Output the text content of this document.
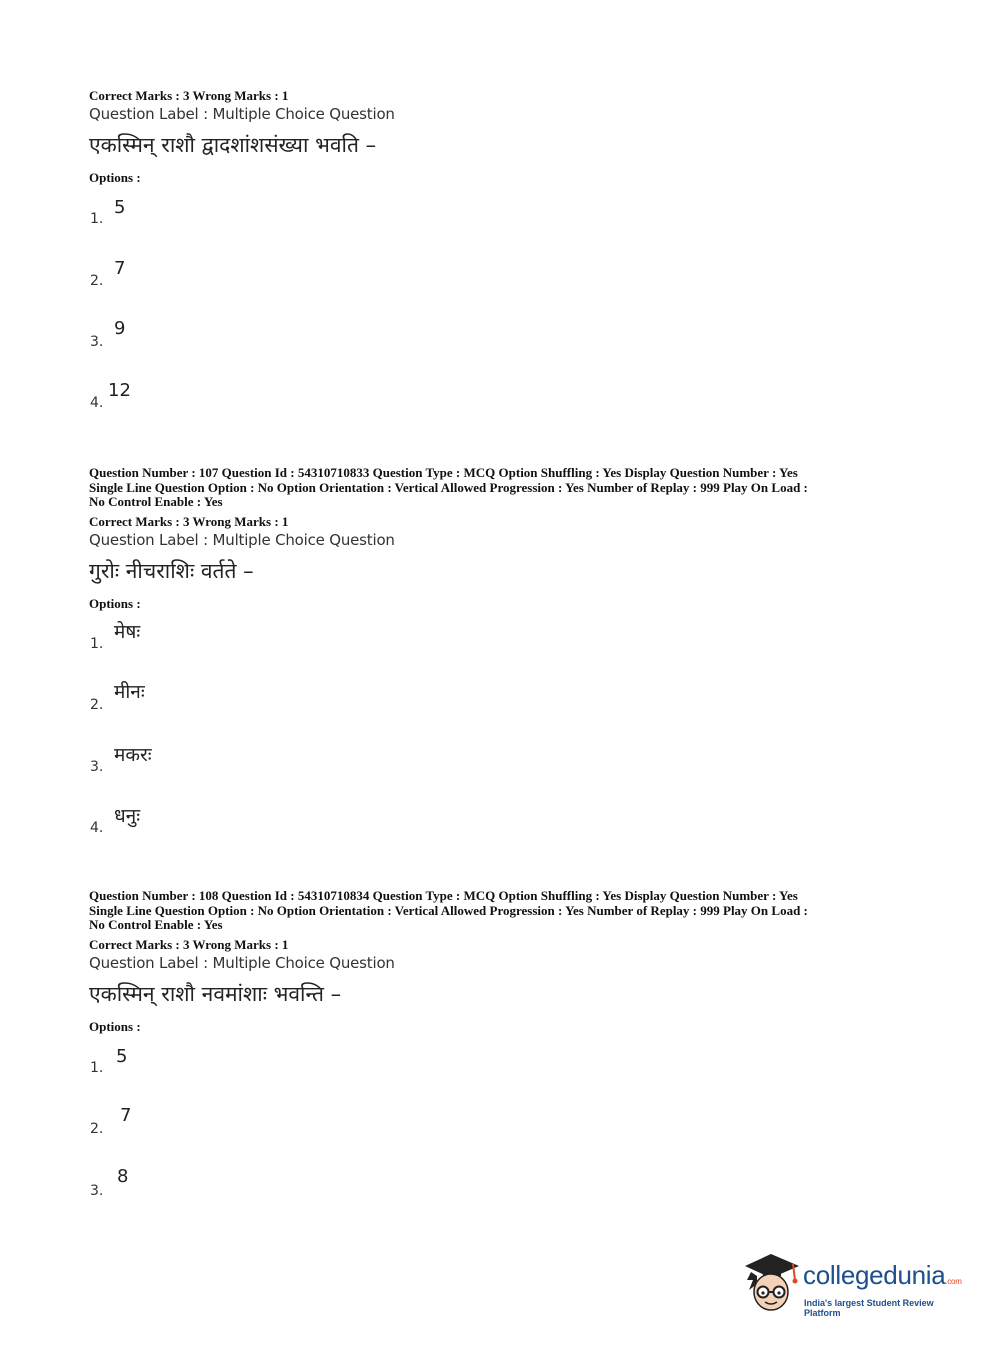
Correct Marks : 3 Wrong Marks : 1
Question Label : Multiple Choice Question
एकस्मिन् राशौ द्वादशांशसंख्या भवति –
Options :
1.
5
2.
7
3.
9
4.
12
Question Number : 107 Question Id : 54310710833 Question Type : MCQ Option Shuffling : Yes Display Question Number : Yes
Single Line Question Option : No Option Orientation : Vertical Allowed Progression : Yes Number of Replay : 999 Play On Load :
No Control Enable : Yes
Correct Marks : 3 Wrong Marks : 1
Question Label : Multiple Choice Question
गुरोः नीचराशिः वर्तते –
Options :
1.
मेषः
2.
मीनः
3.
मकरः
4.
धनुः
Question Number : 108 Question Id : 54310710834 Question Type : MCQ Option Shuffling : Yes Display Question Number : Yes
Single Line Question Option : No Option Orientation : Vertical Allowed Progression : Yes Number of Replay : 999 Play On Load :
No Control Enable : Yes
Correct Marks : 3 Wrong Marks : 1
Question Label : Multiple Choice Question
एकस्मिन् राशौ नवमांशाः भवन्ति –
Options :
1.
5
2.
7
3.
8
collegedunia.com
India's largest Student Review Platform
